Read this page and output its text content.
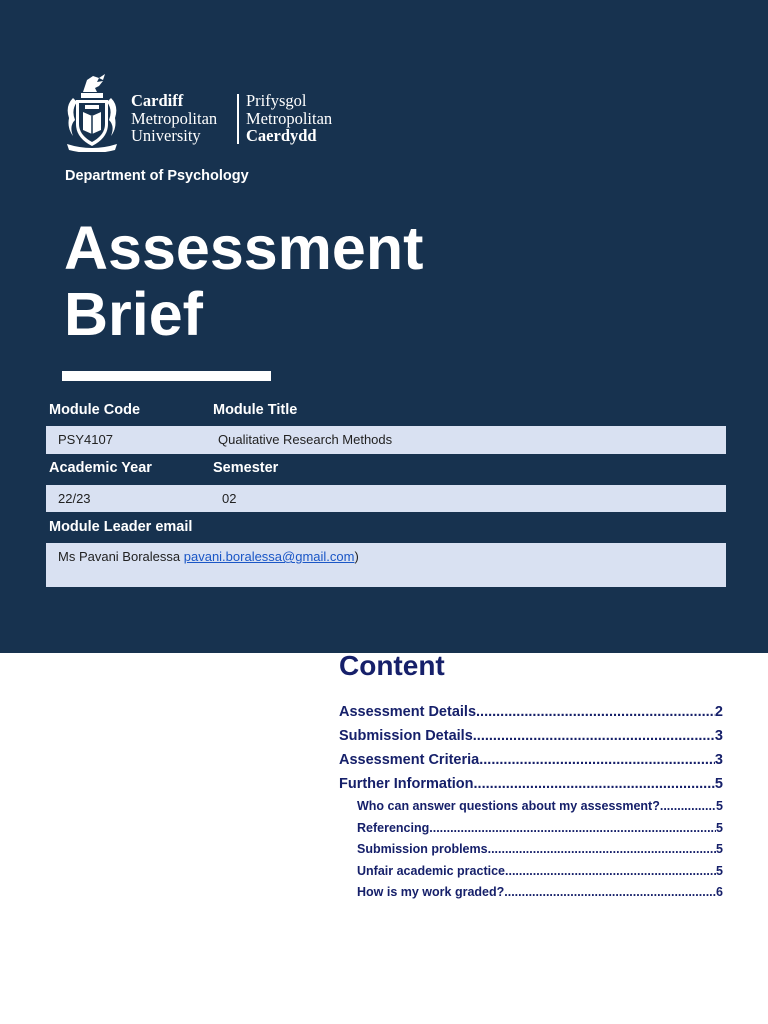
Cardiff
Metropolitan
University
Prifysgol
Metropolitan
Caerdydd
Department of Psychology
Assessment
Brief
Module Code	Module Title
PSY4107	Qualitative Research Methods
Academic Year	Semester
22/23	02
Module Leader email
Ms Pavani Boralessa pavani.boralessa@gmail.com)
Content
Assessment Details .....	2
Submission Details .....	3
Assessment Criteria .....	3
Further Information .....	5
Who can answer questions about my assessment? .....	5
Referencing .....	5
Submission problems .....	5
Unfair academic practice .....	5
How is my work graded? .....	6
